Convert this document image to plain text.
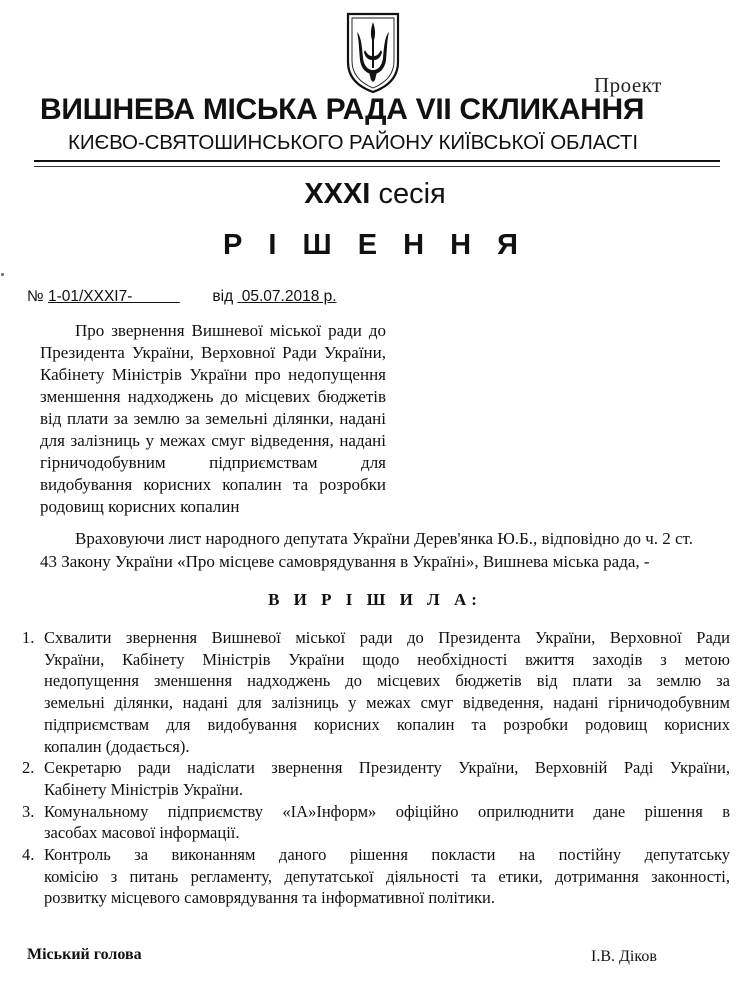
Проект
ВИШНЕВА МІСЬКА РАДА VII СКЛИКАННЯ
КИЄВО-СВЯТОШИНСЬКОГО РАЙОНУ КИЇВСЬКОЇ ОБЛАСТІ
XXXI сесія
Р І Ш Е Н Н Я
№ 1-01/XXXI7-	від 05.07.2018 р.
Про звернення Вишневої міської ради до
Президента України, Верховної Ради України,
Кабінету Міністрів України про недопущення
зменшення надходжень до місцевих бюджетів
від плати за землю за земельні ділянки, надані
для залізниць у межах смуг відведення, надані
гірничодобувним підприємствам для
видобування корисних копалин та розробки
родовищ корисних копалин
Враховуючи лист народного депутата України Дерев'янка Ю.Б., відповідно до ч. 2 ст.
43 Закону України «Про місцеве самоврядування в Україні», Вишнева міська рада, -
В И Р І Ш И Л А:
1. Схвалити звернення Вишневої міської ради до Президента України, Верховної Ради
України, Кабінету Міністрів України щодо необхідності вжиття заходів з метою
недопущення зменшення надходжень до місцевих бюджетів від плати за землю за
земельні ділянки, надані для залізниць у межах смуг відведення, надані гірничодобувним
підприємствам для видобування корисних копалин та розробки родовищ корисних
копалин (додається).
2. Секретарю ради надіслати звернення Президенту України, Верховній Раді України,
Кабінету Міністрів України.
3. Комунальному підприємству «ІА»Інформ» офіційно оприлюднити дане рішення в
засобах масової інформації.
4. Контроль за виконанням даного рішення покласти на постійну депутатську
комісію з питань регламенту, депутатської діяльності та етики, дотримання законності,
розвитку місцевого самоврядування та інформативної політики.
Міський голова	І.В. Діков
